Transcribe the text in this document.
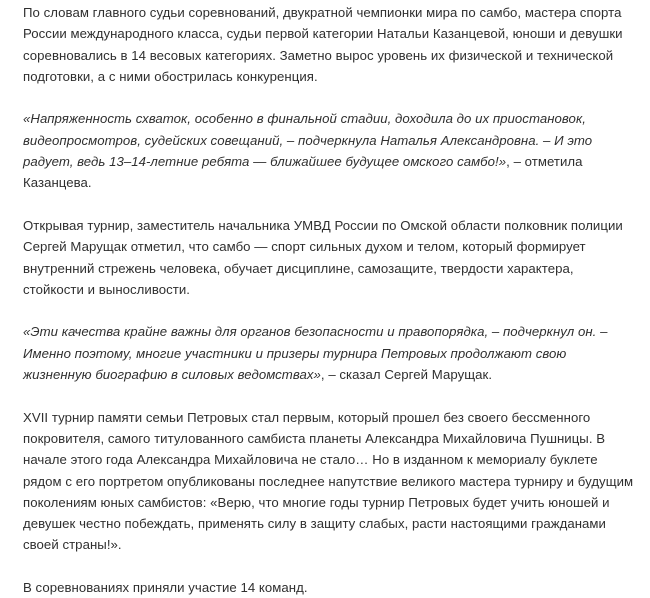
По словам главного судьи соревнований, двукратной чемпионки мира по самбо, мастера спорта России международного класса, судьи первой категории Натальи Казанцевой, юноши и девушки соревновались в 14 весовых категориях. Заметно вырос уровень их физической и технической подготовки, а с ними обострилась конкуренция.

«Напряженность схваток, особенно в финальной стадии, доходила до их приостановок, видеопросмотров, судейских совещаний, – подчеркнула Наталья Александровна. – И это радует, ведь 13–14-летние ребята — ближайшее будущее омского самбо!», – отметила Казанцева.

Открывая турнир, заместитель начальника УМВД России по Омской области полковник полиции Сергей Марущак отметил, что самбо — спорт сильных духом и телом, который формирует внутренний стрежень человека, обучает дисциплине, самозащите, твердости характера, стойкости и выносливости.

«Эти качества крайне важны для органов безопасности и правопорядка, – подчеркнул он. – Именно поэтому, многие участники и призеры турнира Петровых продолжают свою жизненную биографию в силовых ведомствах», – сказал Сергей Марущак.

XVII турнир памяти семьи Петровых стал первым, который прошел без своего бессменного покровителя, самого титулованного самбиста планеты Александра Михайловича Пушницы. В начале этого года Александра Михайловича не стало… Но в изданном к мемориалу буклете рядом с его портретом опубликованы последнее напутствие великого мастера турниру и будущим поколениям юных самбистов: «Верю, что многие годы турнир Петровых будет учить юношей и девушек честно побеждать, применять силу в защиту слабых, расти настоящими гражданами своей страны!».

В соревнованиях приняли участие 14 команд.
